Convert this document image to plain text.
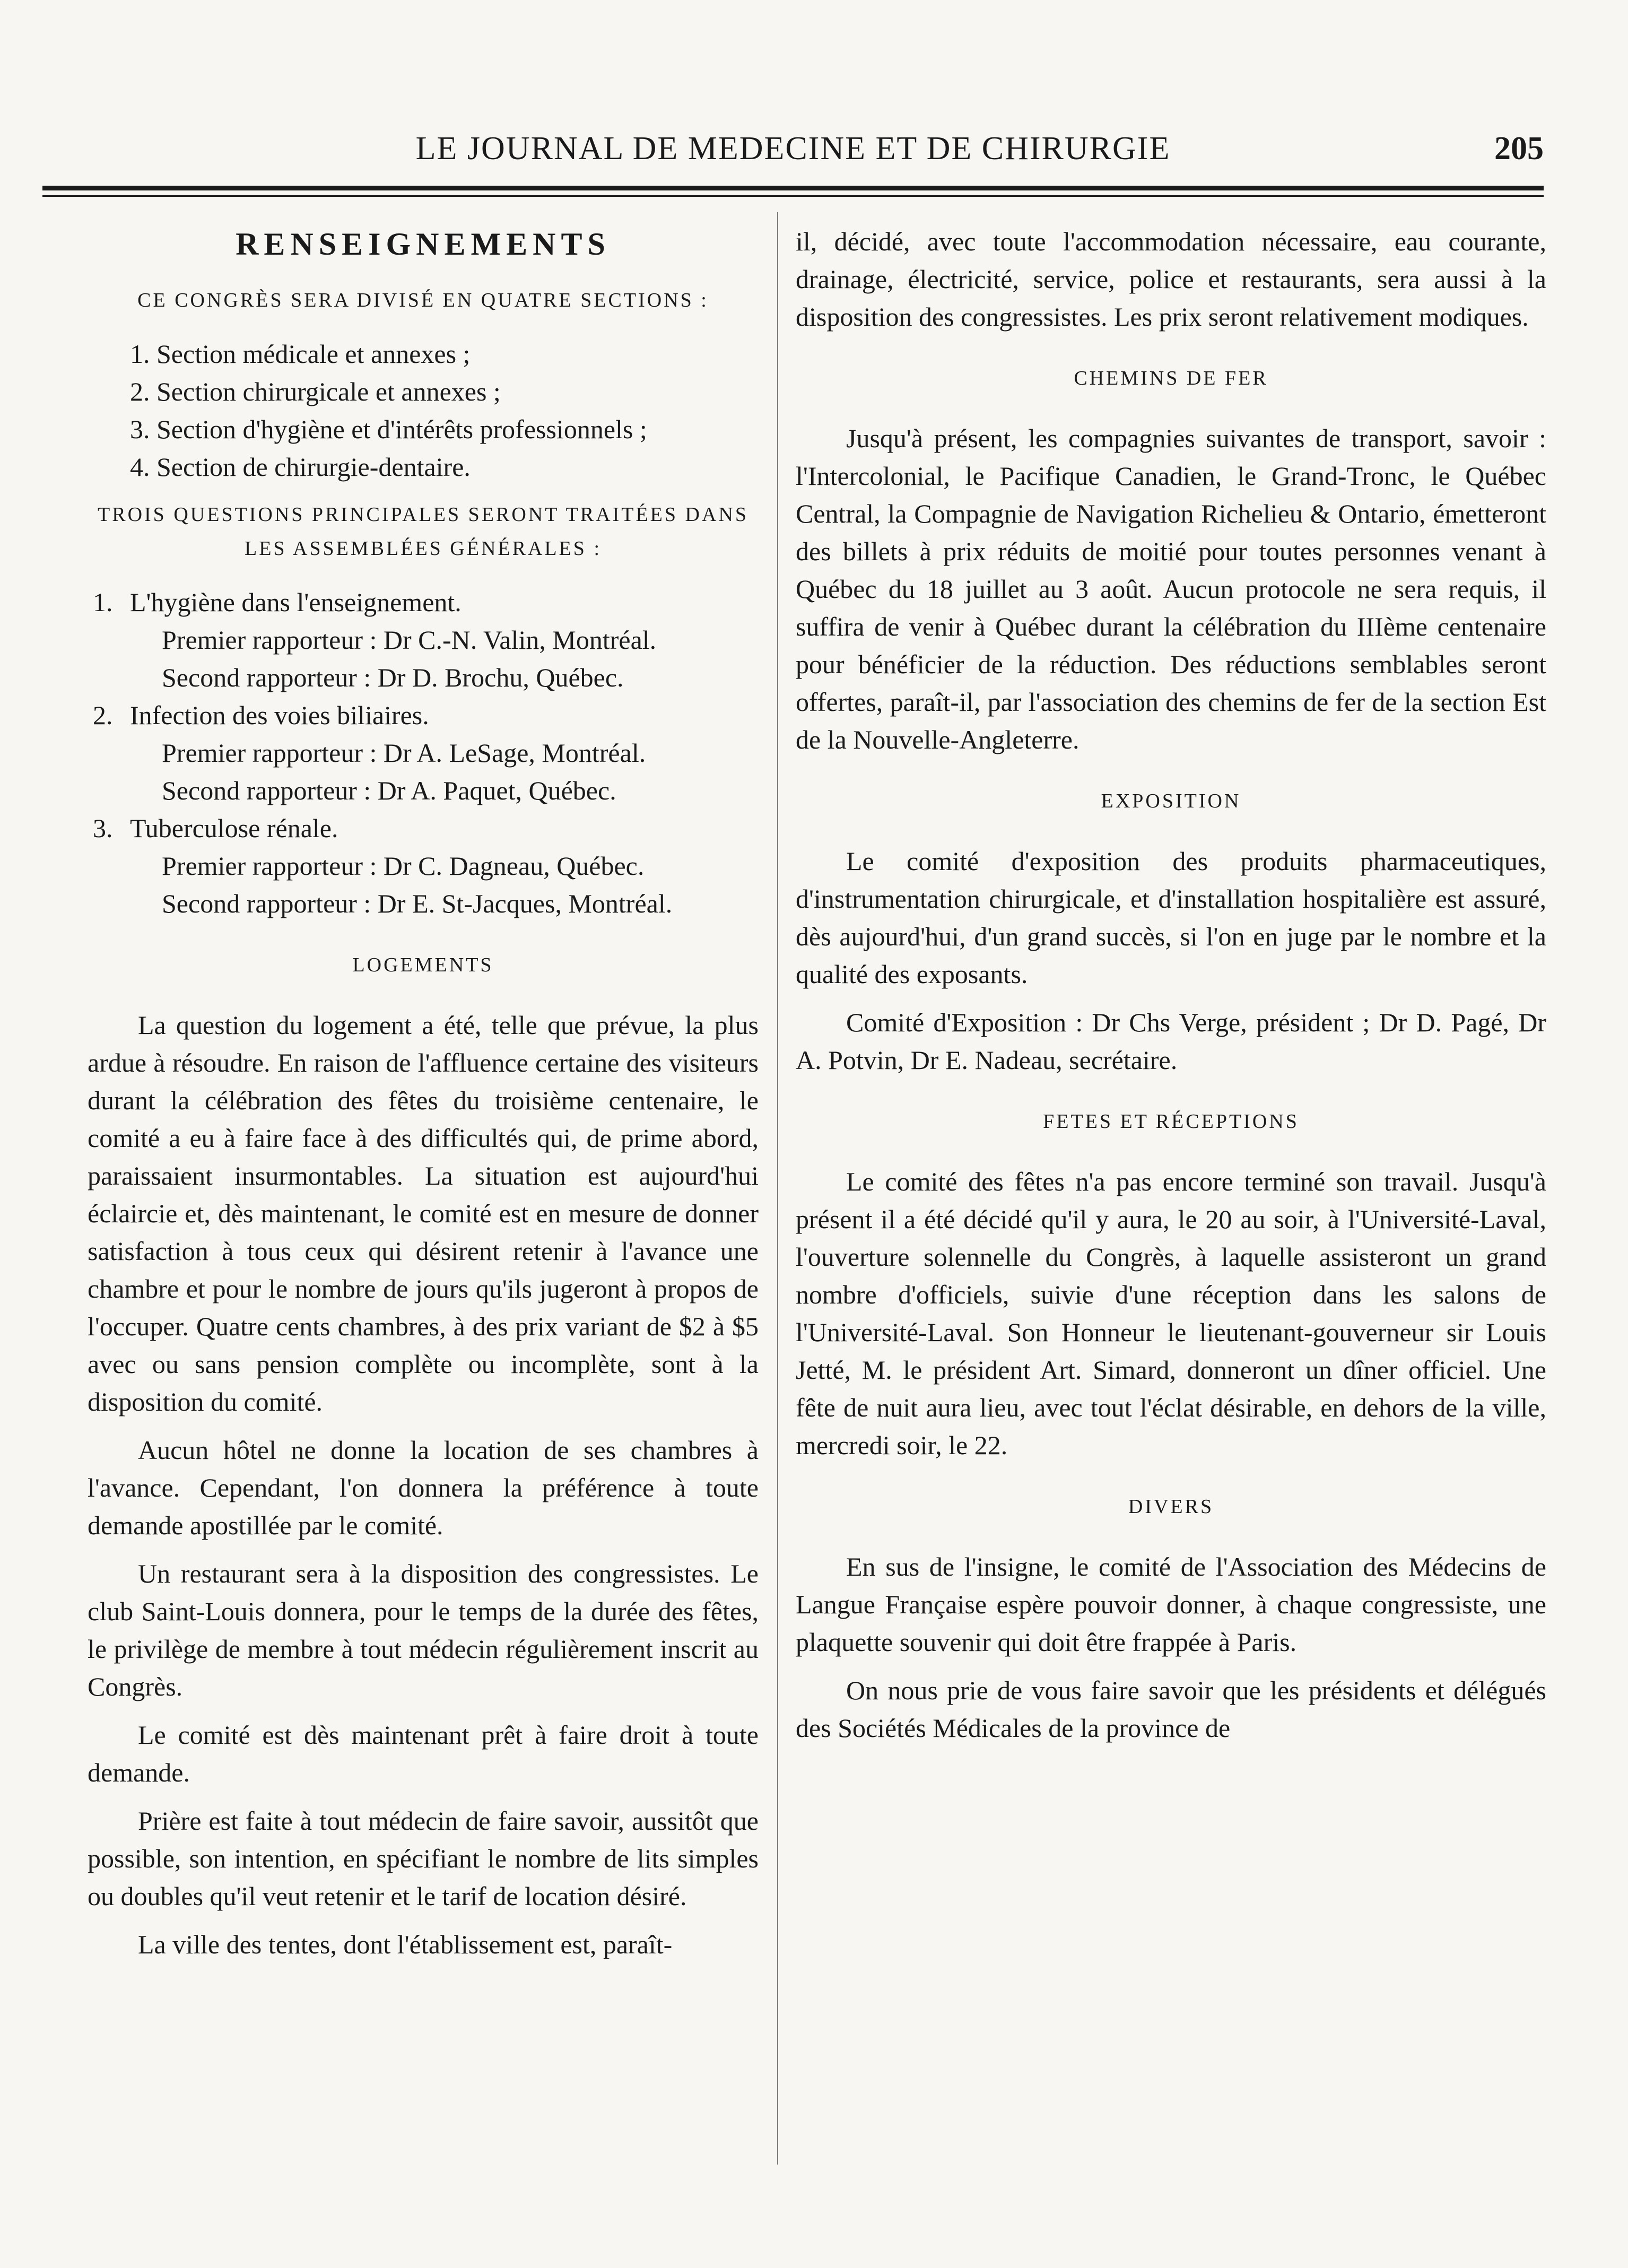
LE JOURNAL DE MEDECINE ET DE CHIRURGIE	205
RENSEIGNEMENTS
CE CONGRÈS SERA DIVISÉ EN QUATRE SECTIONS :
1. Section médicale et annexes ;
2. Section chirurgicale et annexes ;
3. Section d'hygiène et d'intérêts professionnels ;
4. Section de chirurgie-dentaire.
TROIS QUESTIONS PRINCIPALES SERONT TRAITÉES DANS LES ASSEMBLÉES GÉNÉRALES :
1. L'hygiène dans l'enseignement.
Premier rapporteur : Dr C.-N. Valin, Montréal.
Second rapporteur : Dr D. Brochu, Québec.
2. Infection des voies biliaires.
Premier rapporteur : Dr A. LeSage, Montréal.
Second rapporteur : Dr A. Paquet, Québec.
3. Tuberculose rénale.
Premier rapporteur : Dr C. Dagneau, Québec.
Second rapporteur : Dr E. St-Jacques, Montréal.
LOGEMENTS

La question du logement a été, telle que prévue, la plus ardue à résoudre. En raison de l'affluence certaine des visiteurs durant la célébration des fêtes du troisième centenaire, le comité a eu à faire face à des difficultés qui, de prime abord, paraissaient insurmontables. La situation est aujourd'hui éclaircie et, dès maintenant, le comité est en mesure de donner satisfaction à tous ceux qui désirent retenir à l'avance une chambre et pour le nombre de jours qu'ils jugeront à propos de l'occuper. Quatre cents chambres, à des prix variant de $2 à $5 avec ou sans pension complète ou incomplète, sont à la disposition du comité.

Aucun hôtel ne donne la location de ses chambres à l'avance. Cependant, l'on donnera la préférence à toute demande apostillée par le comité.

Un restaurant sera à la disposition des congressistes. Le club Saint-Louis donnera, pour le temps de la durée des fêtes, le privilège de membre à tout médecin régulièrement inscrit au Congrès.

Le comité est dès maintenant prêt à faire droit à toute demande.

Prière est faite à tout médecin de faire savoir, aussitôt que possible, son intention, en spécifiant le nombre de lits simples ou doubles qu'il veut retenir et le tarif de location désiré.

La ville des tentes, dont l'établissement est, paraît-

il, décidé, avec toute l'accommodation nécessaire, eau courante, drainage, électricité, service, police et restaurants, sera aussi à la disposition des congressistes. Les prix seront relativement modiques.

CHEMINS DE FER

Jusqu'à présent, les compagnies suivantes de transport, savoir : l'Intercolonial, le Pacifique Canadien, le Grand-Tronc, le Québec Central, la Compagnie de Navigation Richelieu & Ontario, émetteront des billets à prix réduits de moitié pour toutes personnes venant à Québec du 18 juillet au 3 août. Aucun protocole ne sera requis, il suffira de venir à Québec durant la célébration du IIIème centenaire pour bénéficier de la réduction. Des réductions semblables seront offertes, paraît-il, par l'association des chemins de fer de la section Est de la Nouvelle-Angleterre.

EXPOSITION

Le comité d'exposition des produits pharmaceutiques, d'instrumentation chirurgicale, et d'installation hospitalière est assuré, dès aujourd'hui, d'un grand succès, si l'on en juge par le nombre et la qualité des exposants.

Comité d'Exposition : Dr Chs Verge, président ; Dr D. Pagé, Dr A. Potvin, Dr E. Nadeau, secrétaire.

FETES ET RÉCEPTIONS

Le comité des fêtes n'a pas encore terminé son travail. Jusqu'à présent il a été décidé qu'il y aura, le 20 au soir, à l'Université-Laval, l'ouverture solennelle du Congrès, à laquelle assisteront un grand nombre d'officiels, suivie d'une réception dans les salons de l'Université-Laval. Son Honneur le lieutenant-gouverneur sir Louis Jetté, M. le président Art. Simard, donneront un dîner officiel. Une fête de nuit aura lieu, avec tout l'éclat désirable, en dehors de la ville, mercredi soir, le 22.

DIVERS

En sus de l'insigne, le comité de l'Association des Médecins de Langue Française espère pouvoir donner, à chaque congressiste, une plaquette souvenir qui doit être frappée à Paris.

On nous prie de vous faire savoir que les présidents et délégués des Sociétés Médicales de la province de
